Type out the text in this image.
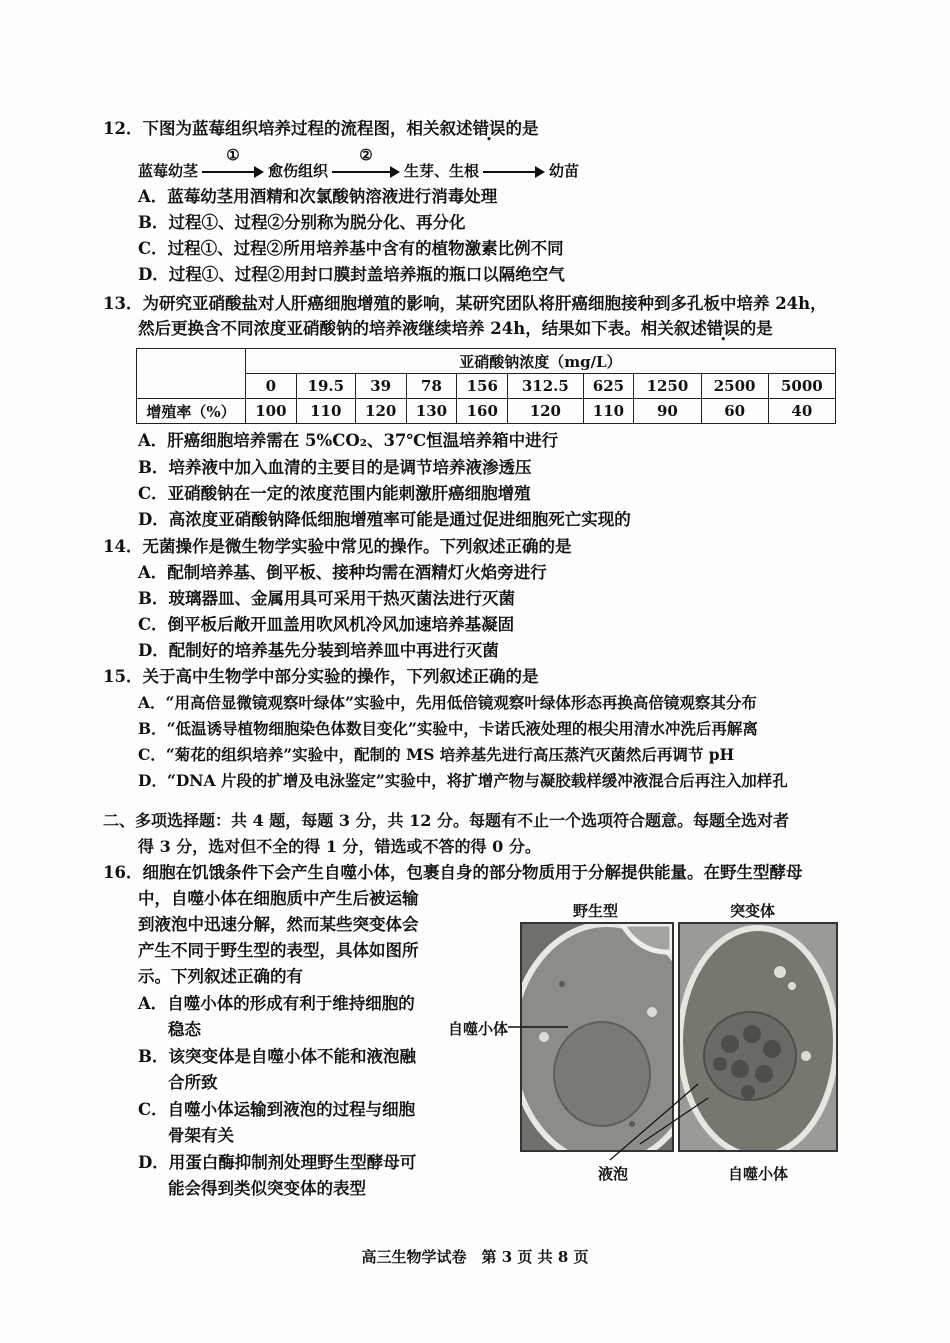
12．下图为蓝莓组织培养过程的流程图，相关叙述错误的是
蓝莓幼茎
①
愈伤组织
②
生芽、生根	幼苗
A．蓝莓幼茎用酒精和次氯酸钠溶液进行消毒处理
B．过程①、过程②分别称为脱分化、再分化
C．过程①、过程②所用培养基中含有的植物激素比例不同
D．过程①、过程②用封口膜封盖培养瓶的瓶口以隔绝空气
13．为研究亚硝酸盐对人肝癌细胞增殖的影响，某研究团队将肝癌细胞接种到多孔板中培养 24h，
然后更换含不同浓度亚硝酸钠的培养液继续培养 24h，结果如下表。相关叙述错误的是
	亚硝酸钠浓度（mg/L）									
	0	19.5	39	78	156	312.5	625	1250	2500	5000
增殖率（%）	100	110	120	130	160	120	110	90	60	40
A．肝癌细胞培养需在 5%CO₂、37℃恒温培养箱中进行
B．培养液中加入血清的主要目的是调节培养液渗透压
C．亚硝酸钠在一定的浓度范围内能刺激肝癌细胞增殖
D．高浓度亚硝酸钠降低细胞增殖率可能是通过促进细胞死亡实现的
14．无菌操作是微生物学实验中常见的操作。下列叙述正确的是
A．配制培养基、倒平板、接种均需在酒精灯火焰旁进行
B．玻璃器皿、金属用具可采用干热灭菌法进行灭菌
C．倒平板后敞开皿盖用吹风机冷风加速培养基凝固
D．配制好的培养基先分装到培养皿中再进行灭菌
15．关于高中生物学中部分实验的操作，下列叙述正确的是
A．“用高倍显微镜观察叶绿体”实验中，先用低倍镜观察叶绿体形态再换高倍镜观察其分布
B．“低温诱导植物细胞染色体数目变化”实验中，卡诺氏液处理的根尖用清水冲洗后再解离
C．“菊花的组织培养”实验中，配制的 MS 培养基先进行高压蒸汽灭菌然后再调节 pH
D．“DNA 片段的扩增及电泳鉴定”实验中，将扩增产物与凝胶载样缓冲液混合后再注入加样孔
二、多项选择题：共 4 题，每题 3 分，共 12 分。每题有不止一个选项符合题意。每题全选对者
得 3 分，选对但不全的得 1 分，错选或不答的得 0 分。
16．细胞在饥饿条件下会产生自噬小体，包裹自身的部分物质用于分解提供能量。在野生型酵母
中，自噬小体在细胞质中产生后被运输
到液泡中迅速分解，然而某些突变体会
产生不同于野生型的表型，具体如图所
示。下列叙述正确的有
A．自噬小体的形成有利于维持细胞的
稳态
B．该突变体是自噬小体不能和液泡融
合所致
C．自噬小体运输到液泡的过程与细胞
骨架有关
D．用蛋白酶抑制剂处理野生型酵母可
能会得到类似突变体的表型
野生型	突变体
自噬小体
液泡	自噬小体
高三生物学试卷　第 3 页 共 8 页
